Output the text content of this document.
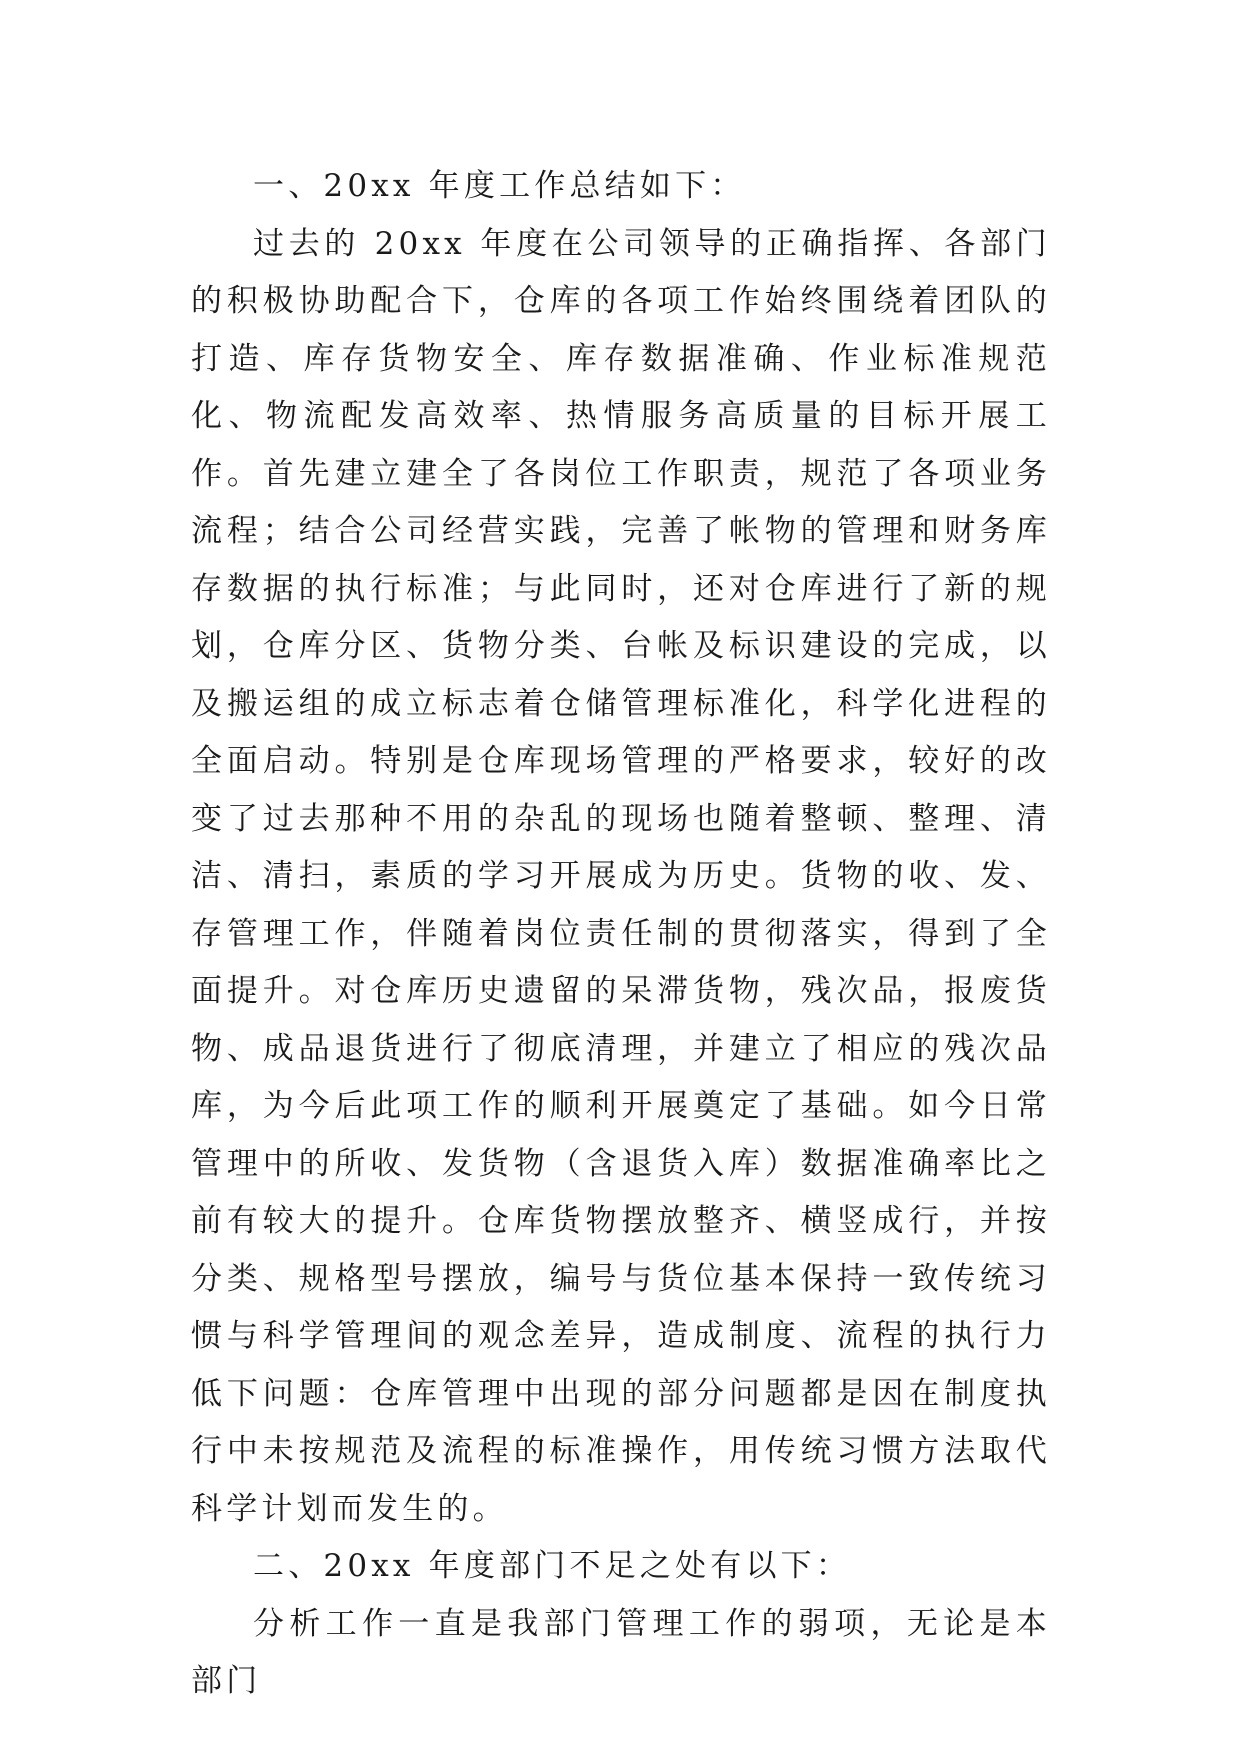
一、20xx 年度工作总结如下：

过去的 20xx 年度在公司领导的正确指挥、各部门的积极协助配合下，仓库的各项工作始终围绕着团队的打造、库存货物安全、库存数据准确、作业标准规范化、物流配发高效率、热情服务高质量的目标开展工作。首先建立建全了各岗位工作职责，规范了各项业务流程；结合公司经营实践，完善了帐物的管理和财务库存数据的执行标准；与此同时，还对仓库进行了新的规划，仓库分区、货物分类、台帐及标识建设的完成，以及搬运组的成立标志着仓储管理标准化，科学化进程的全面启动。特别是仓库现场管理的严格要求，较好的改变了过去那种不用的杂乱的现场也随着整顿、整理、清洁、清扫，素质的学习开展成为历史。货物的收、发、存管理工作，伴随着岗位责任制的贯彻落实，得到了全面提升。对仓库历史遗留的呆滞货物，残次品，报废货物、成品退货进行了彻底清理，并建立了相应的残次品库，为今后此项工作的顺利开展奠定了基础。如今日常管理中的所收、发货物（含退货入库）数据准确率比之前有较大的提升。仓库货物摆放整齐、横竖成行，并按分类、规格型号摆放，编号与货位基本保持一致传统习惯与科学管理间的观念差异，造成制度、流程的执行力低下问题：仓库管理中出现的部分问题都是因在制度执行中未按规范及流程的标准操作，用传统习惯方法取代科学计划而发生的。

二、20xx 年度部门不足之处有以下：

分析工作一直是我部门管理工作的弱项，无论是本部门
